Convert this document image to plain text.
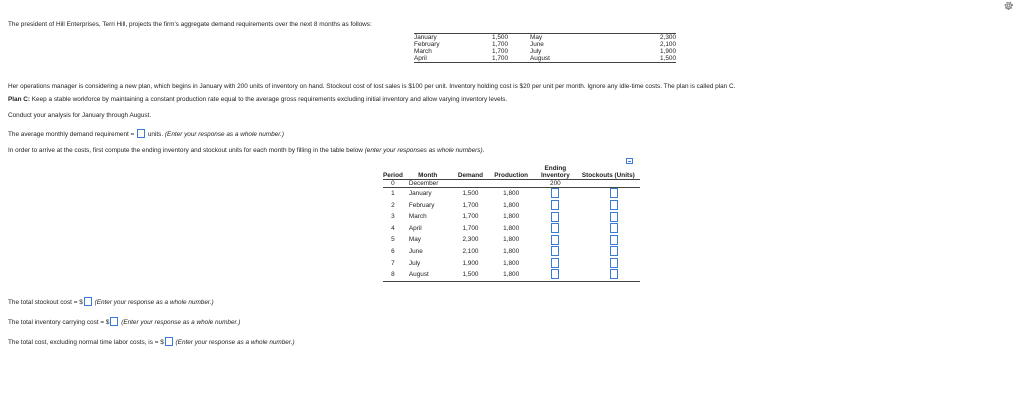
The president of Hill Enterprises, Terri Hill, projects the firm's aggregate demand requirements over the next 8 months as follows:
January	1,500	May	2,300
February	1,700	June	2,100
March	1,700	July	1,900
April	1,700	August	1,500
Her operations manager is considering a new plan, which begins in January with 200 units of inventory on hand. Stockout cost of lost sales is $100 per unit. Inventory holding cost is $20 per unit per month. Ignore any idle-time costs. The plan is called plan C.
Plan C: Keep a stable workforce by maintaining a constant production rate equal to the average gross requirements excluding initial inventory and allow varying inventory levels.
Conduct your analysis for January through August.
The average monthly demand requirement = units. (Enter your response as a whole number.)
In order to arrive at the costs, first compute the ending inventory and stockout units for each month by filling in the table below (enter your responses as whole numbers).
				Ending	
Period	Month	Demand	Production	Inventory	Stockouts (Units)
0	December			200	
1	January	1,500	1,800		
2	February	1,700	1,800		
3	March	1,700	1,800		
4	April	1,700	1,800		
5	May	2,300	1,800		
6	June	2,100	1,800		
7	July	1,900	1,800		
8	August	1,500	1,800		
The total stockout cost = $ (Enter your response as a whole number.)
The total inventory carrying cost = $ (Enter your response as a whole number.)
The total cost, excluding normal time labor costs, is = $ (Enter your response as a whole number.)
